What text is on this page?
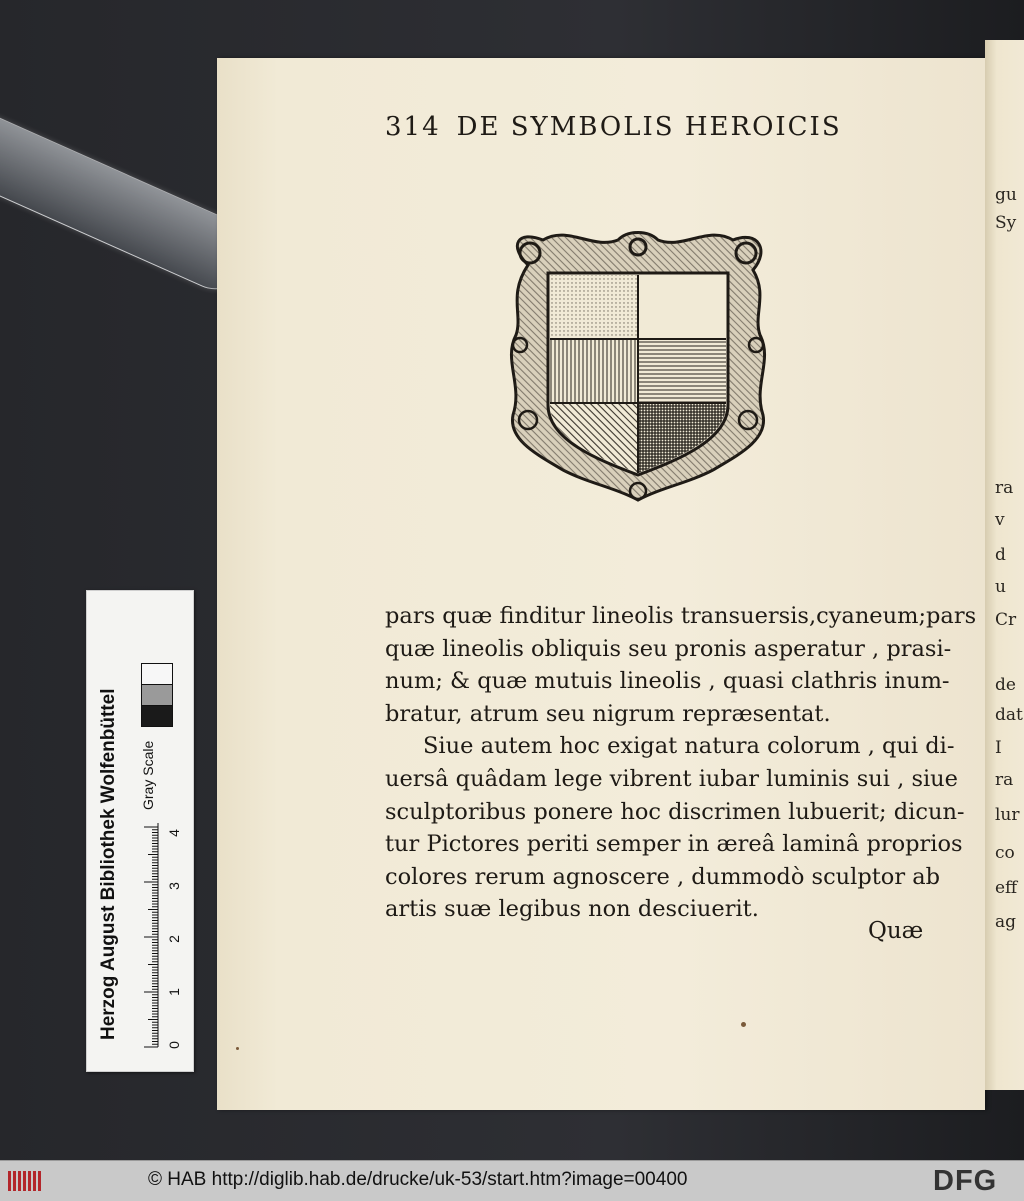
gu
Sy
ra
v
d
u
Cr
de
dat
I
ra
lur
co
eff
ag
314 DE SYMBOLIS HEROICIS
pars quæ finditur lineolis transuersis,cyaneum;pars
quæ lineolis obliquis seu pronis asperatur , prasi-
num; & quæ mutuis lineolis , quasi clathris inum-
bratur, atrum seu nigrum repræsentat.
Siue autem hoc exigat natura colorum , qui di-
uersâ quâdam lege vibrent iubar luminis sui , siue
sculptoribus ponere hoc discrimen lubuerit; dicun-
tur Pictores periti semper in æreâ laminâ proprios
colores rerum agnoscere , dummodò sculptor ab
artis suæ legibus non desciuerit.
Quæ
Herzog August Bibliothek Wolfenbüttel Gray Scale
0
1
2
3
4
© HAB http://diglib.hab.de/drucke/uk-53/start.htm?image=00400	DFG
